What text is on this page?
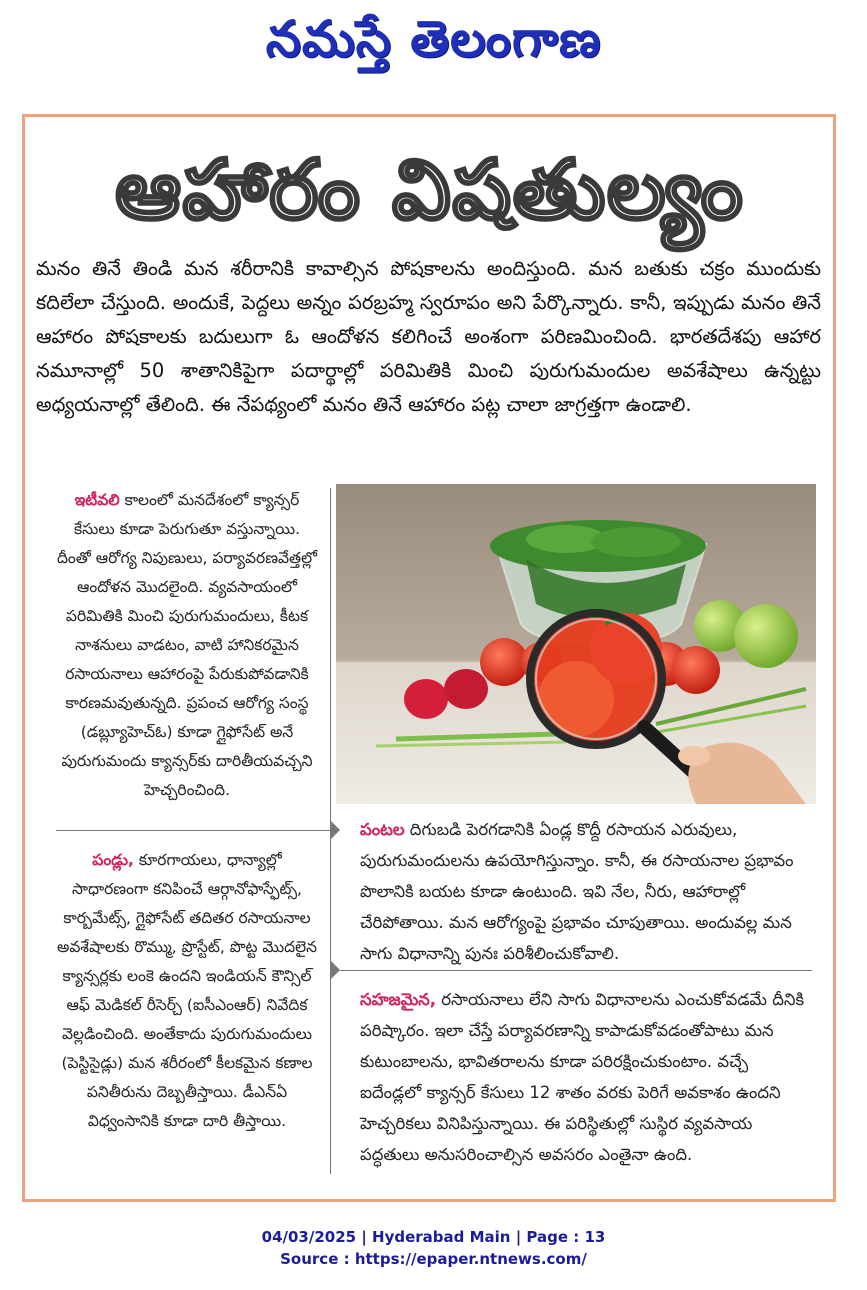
నమస్తే తెలంగాణ
ఆహారం విషతుల్యం
మనం తినే తిండి మన శరీరానికి కావాల్సిన పోషకాలను అందిస్తుంది. మన బతుకు చక్రం ముందుకు కదిలేలా చేస్తుంది. అందుకే, పెద్దలు అన్నం పరబ్రహ్మ స్వరూపం అని పేర్కొన్నారు. కానీ, ఇప్పుడు మనం తినే ఆహారం పోషకాలకు బదులుగా ఓ ఆందోళన కలిగించే అంశంగా పరిణమించింది. భారతదేశపు ఆహార నమూనాల్లో 50 శాతానికిపైగా పదార్థాల్లో పరిమితికి మించి పురుగుమందుల అవశేషాలు ఉన్నట్టు అధ్యయనాల్లో తేలింది. ఈ నేపథ్యంలో మనం తినే ఆహారం పట్ల చాలా జాగ్రత్తగా ఉండాలి.
ఇటీవలి కాలంలో మనదేశంలో క్యాన్సర్ కేసులు కూడా పెరుగుతూ వస్తున్నాయి. దీంతో ఆరోగ్య నిపుణులు, పర్యావరణవేత్తల్లో ఆందోళన మొదలైంది. వ్యవసాయంలో పరిమితికి మించి పురుగుమందులు, కీటక నాశనులు వాడటం, వాటి హానికరమైన రసాయనాలు ఆహారంపై పేరుకుపోవడానికి కారణమవుతున్నది. ప్రపంచ ఆరోగ్య సంస్థ (డబ్ల్యూహెచ్ఓ) కూడా గ్లైఫోసేట్ అనే పురుగుమందు క్యాన్సర్‌కు దారితీయవచ్చని హెచ్చరించింది.
పండ్లు, కూరగాయలు, ధాన్యాల్లో సాధారణంగా కనిపించే ఆర్గానోఫాస్ఫేట్స్, కార్బమేట్స్, గ్లైఫోసేట్ తదితర రసాయనాల అవశేషాలకు రొమ్ము, ప్రొస్టేట్, పొట్ట మొదలైన క్యాన్సర్లకు లంకె ఉందని ఇండియన్ కౌన్సిల్ ఆఫ్ మెడికల్ రీసెర్చ్ (ఐసీఎంఆర్) నివేదిక వెల్లడించింది. అంతేకాదు పురుగుమందులు (పెస్టిసైడ్లు) మన శరీరంలో కీలకమైన కణాల పనితీరును దెబ్బతీస్తాయి. డీఎన్ఏ విధ్వంసానికి కూడా దారి తీస్తాయి.
పంటల దిగుబడి పెరగడానికి ఏండ్ల కొద్దీ రసాయన ఎరువులు, పురుగుమందులను ఉపయోగిస్తున్నాం. కానీ, ఈ రసాయనాల ప్రభావం పొలానికి బయట కూడా ఉంటుంది. ఇవి నేల, నీరు, ఆహారాల్లో చేరిపోతాయి. మన ఆరోగ్యంపై ప్రభావం చూపుతాయి. అందువల్ల మన సాగు విధానాన్ని పునః పరిశీలించుకోవాలి.
సహజమైన, రసాయనాలు లేని సాగు విధానాలను ఎంచుకోవడమే దీనికి పరిష్కారం. ఇలా చేస్తే పర్యావరణాన్ని కాపాడుకోవడంతోపాటు మన కుటుంబాలను, భావితరాలను కూడా పరిరక్షించుకుంటాం. వచ్చే ఐదేండ్లలో క్యాన్సర్ కేసులు 12 శాతం వరకు పెరిగే అవకాశం ఉందని హెచ్చరికలు వినిపిస్తున్నాయి. ఈ పరిస్థితుల్లో సుస్థిర వ్యవసాయ పద్ధతులు అనుసరించాల్సిన అవసరం ఎంతైనా ఉంది.
04/03/2025 | Hyderabad Main | Page : 13
Source : https://epaper.ntnews.com/
